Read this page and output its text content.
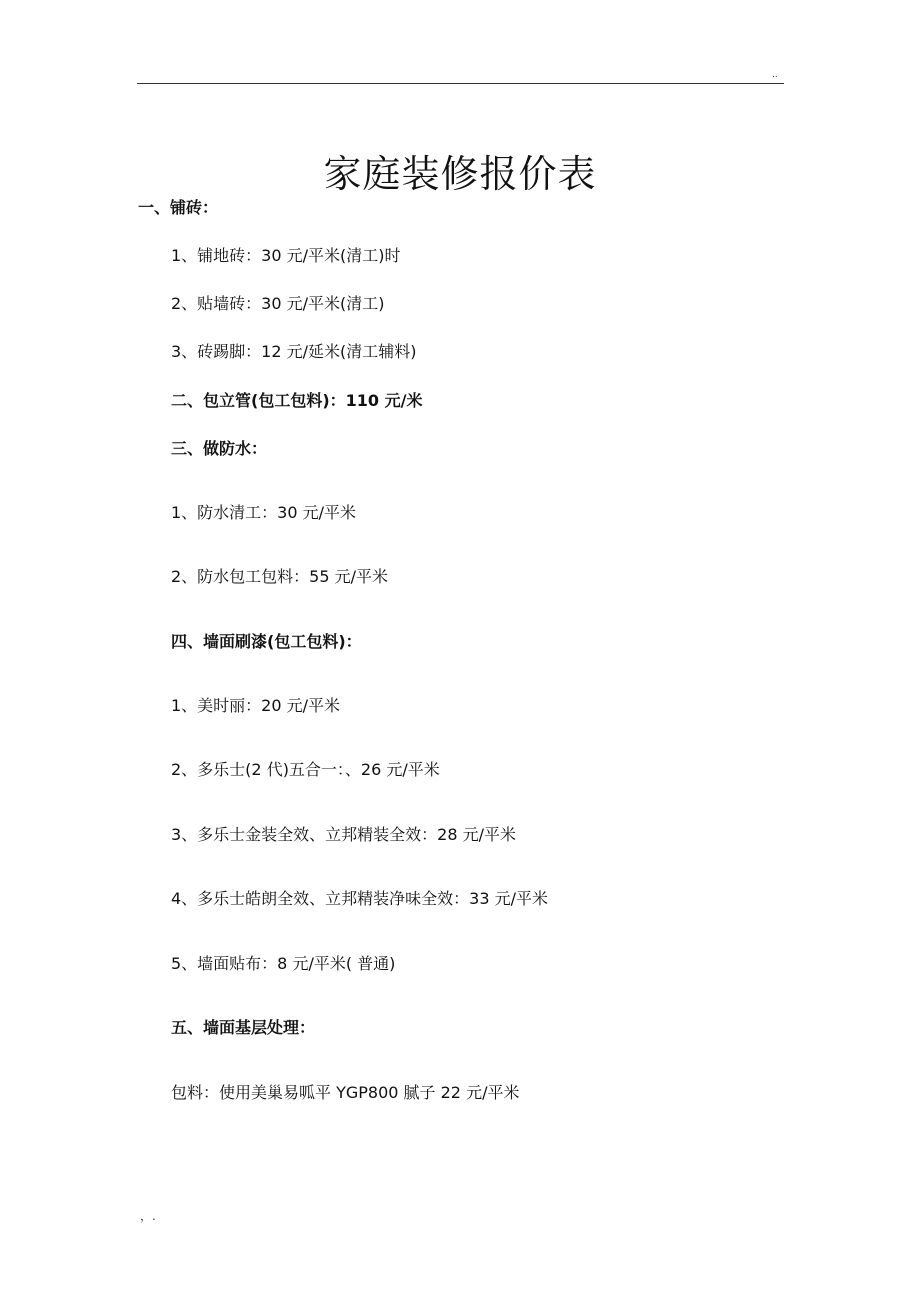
..
家庭装修报价表
一、铺砖：
1、铺地砖：30 元/平米(清工)时
2、贴墙砖：30 元/平米(清工)
3、砖踢脚：12 元/延米(清工辅料)
二、包立管(包工包料)：110 元/米
三、做防水：
1、防水清工：30 元/平米
2、防水包工包料：55 元/平米
四、墙面刷漆(包工包料)：
1、美时丽：20 元/平米
2、多乐士(2 代)五合一：、26 元/平米
3、多乐士金装全效、立邦精装全效：28 元/平米
4、多乐士皓朗全效、立邦精装净味全效：33 元/平米
5、墙面贴布：8 元/平米( 普通)
五、墙面基层处理：
包料：使用美巢易呱平 YGP800 腻子 22 元/平米
，.
